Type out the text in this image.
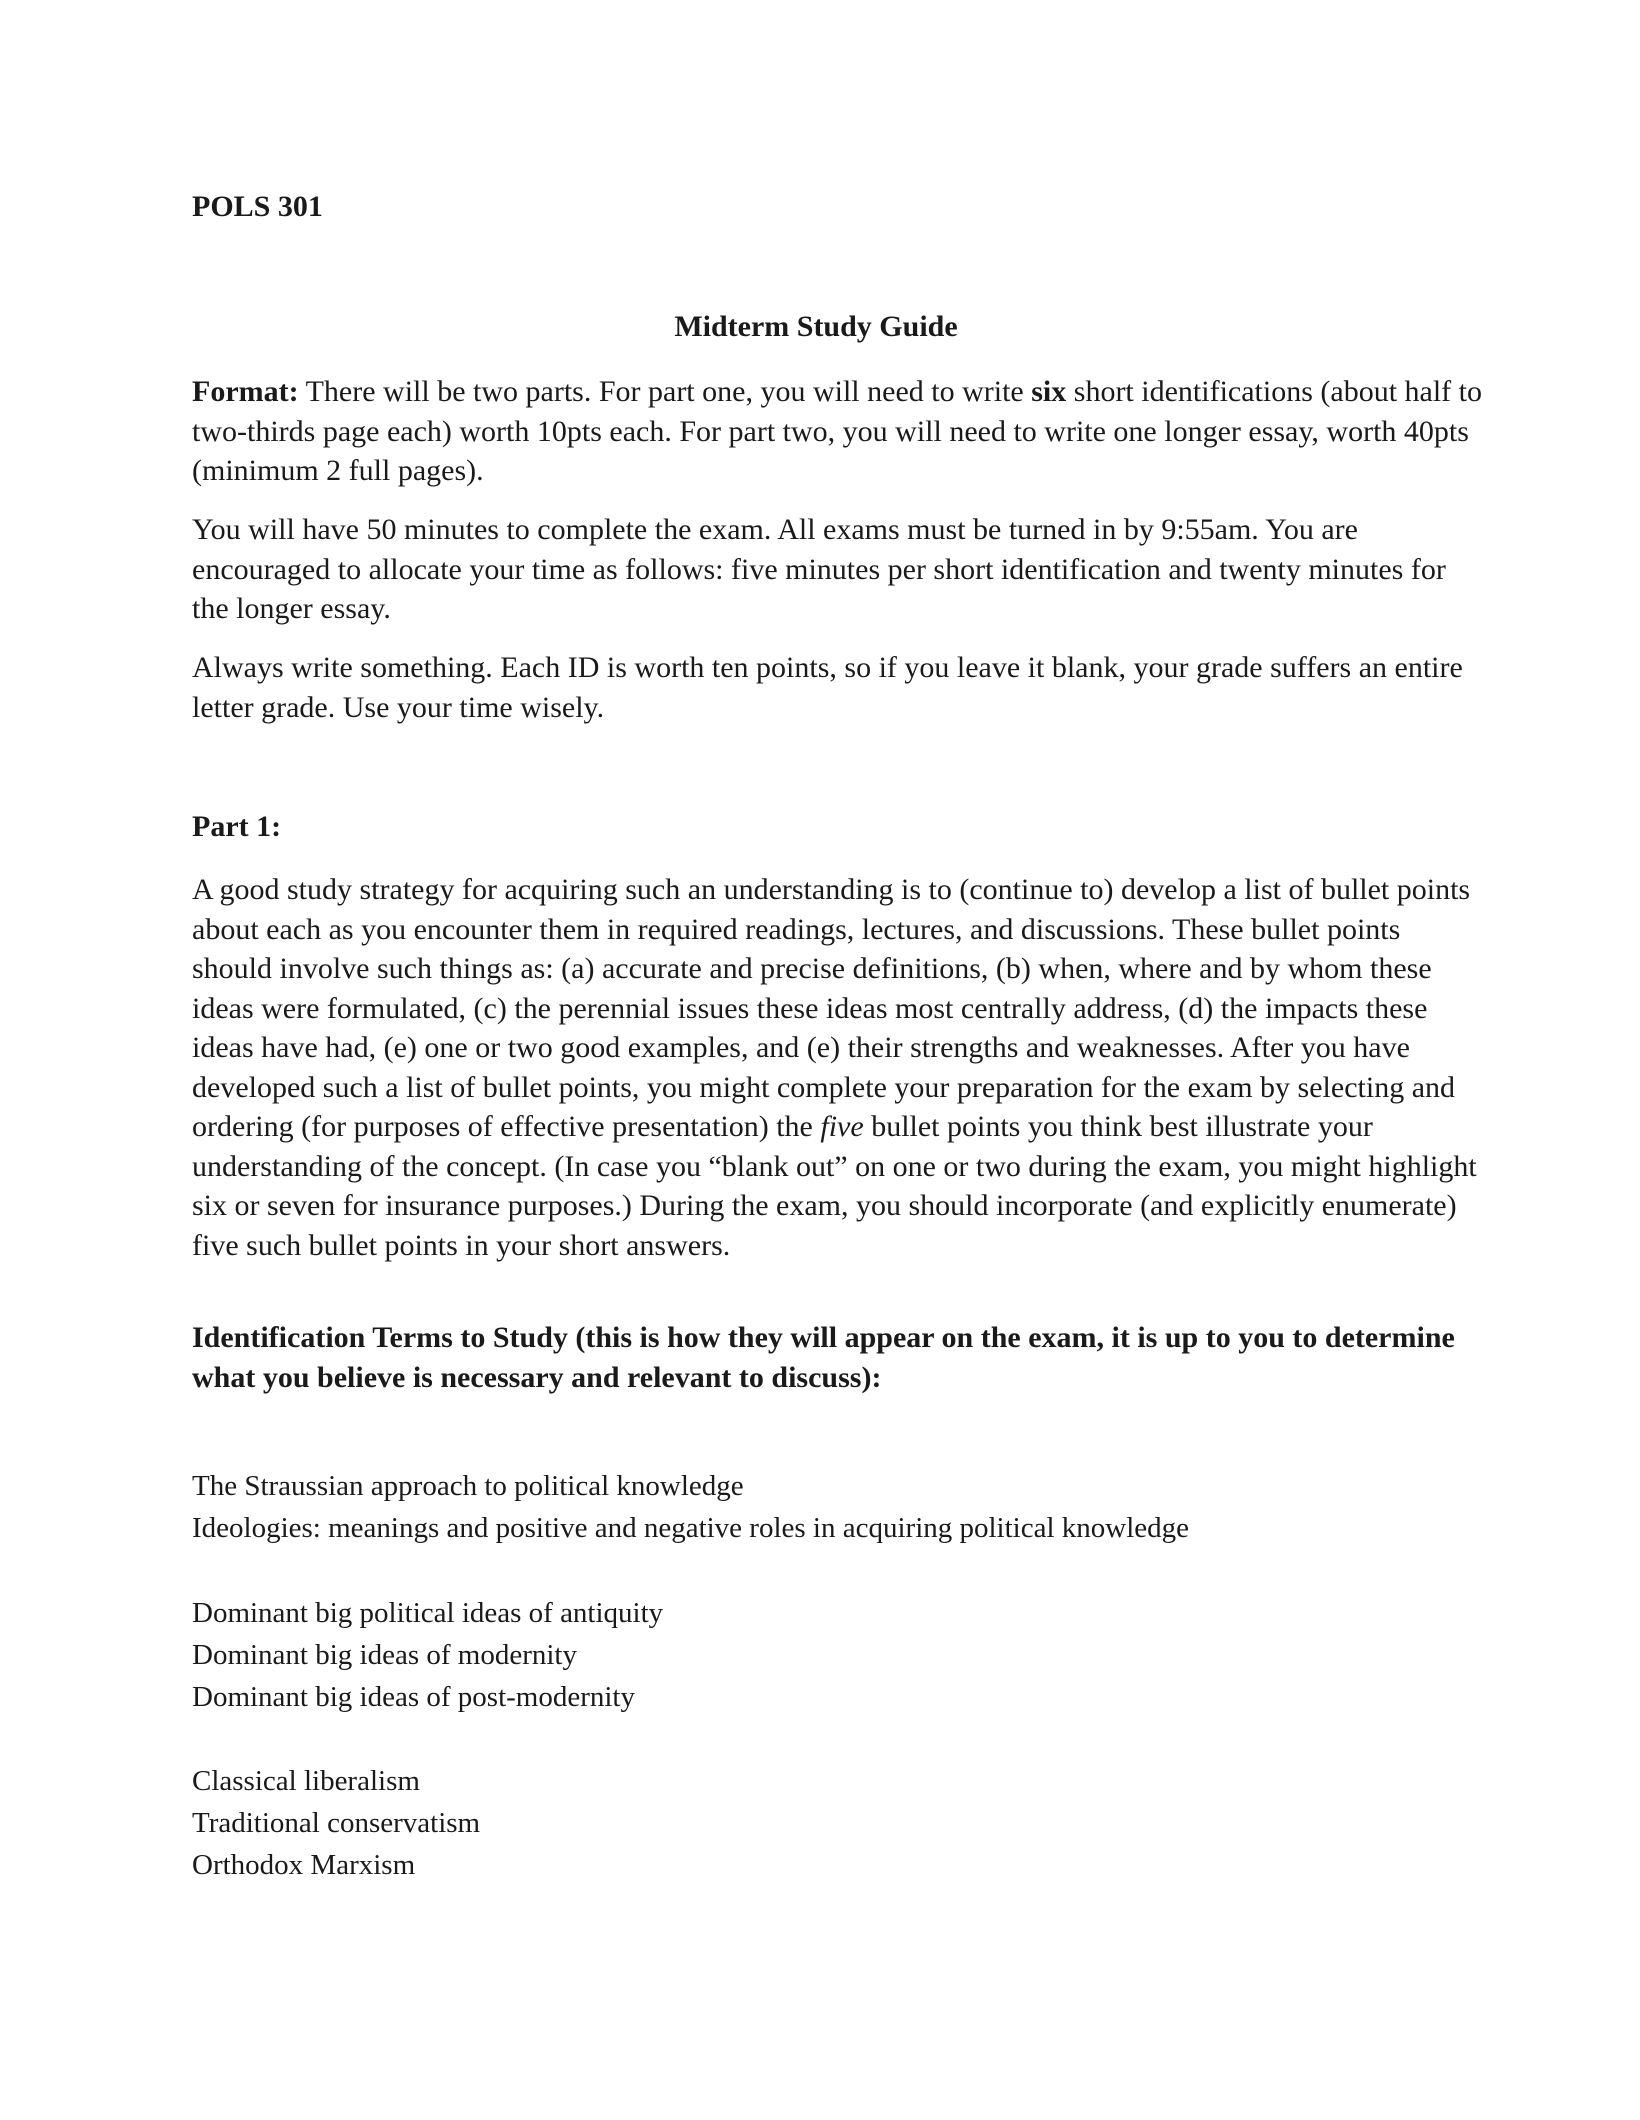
POLS 301

Midterm Study Guide

Format: There will be two parts. For part one, you will need to write six short identifications (about half to two-thirds page each) worth 10pts each. For part two, you will need to write one longer essay, worth 40pts (minimum 2 full pages).

You will have 50 minutes to complete the exam. All exams must be turned in by 9:55am. You are encouraged to allocate your time as follows: five minutes per short identification and twenty minutes for the longer essay.

Always write something. Each ID is worth ten points, so if you leave it blank, your grade suffers an entire letter grade. Use your time wisely.

Part 1:

A good study strategy for acquiring such an understanding is to (continue to) develop a list of bullet points about each as you encounter them in required readings, lectures, and discussions. These bullet points should involve such things as: (a) accurate and precise definitions, (b) when, where and by whom these ideas were formulated, (c) the perennial issues these ideas most centrally address, (d) the impacts these ideas have had, (e) one or two good examples, and (e) their strengths and weaknesses. After you have developed such a list of bullet points, you might complete your preparation for the exam by selecting and ordering (for purposes of effective presentation) the five bullet points you think best illustrate your understanding of the concept. (In case you “blank out” on one or two during the exam, you might highlight six or seven for insurance purposes.) During the exam, you should incorporate (and explicitly enumerate) five such bullet points in your short answers.

Identification Terms to Study (this is how they will appear on the exam, it is up to you to determine what you believe is necessary and relevant to discuss):

The Straussian approach to political knowledge
Ideologies: meanings and positive and negative roles in acquiring political knowledge
Dominant big political ideas of antiquity
Dominant big ideas of modernity
Dominant big ideas of post-modernity
Classical liberalism
Traditional conservatism
Orthodox Marxism
